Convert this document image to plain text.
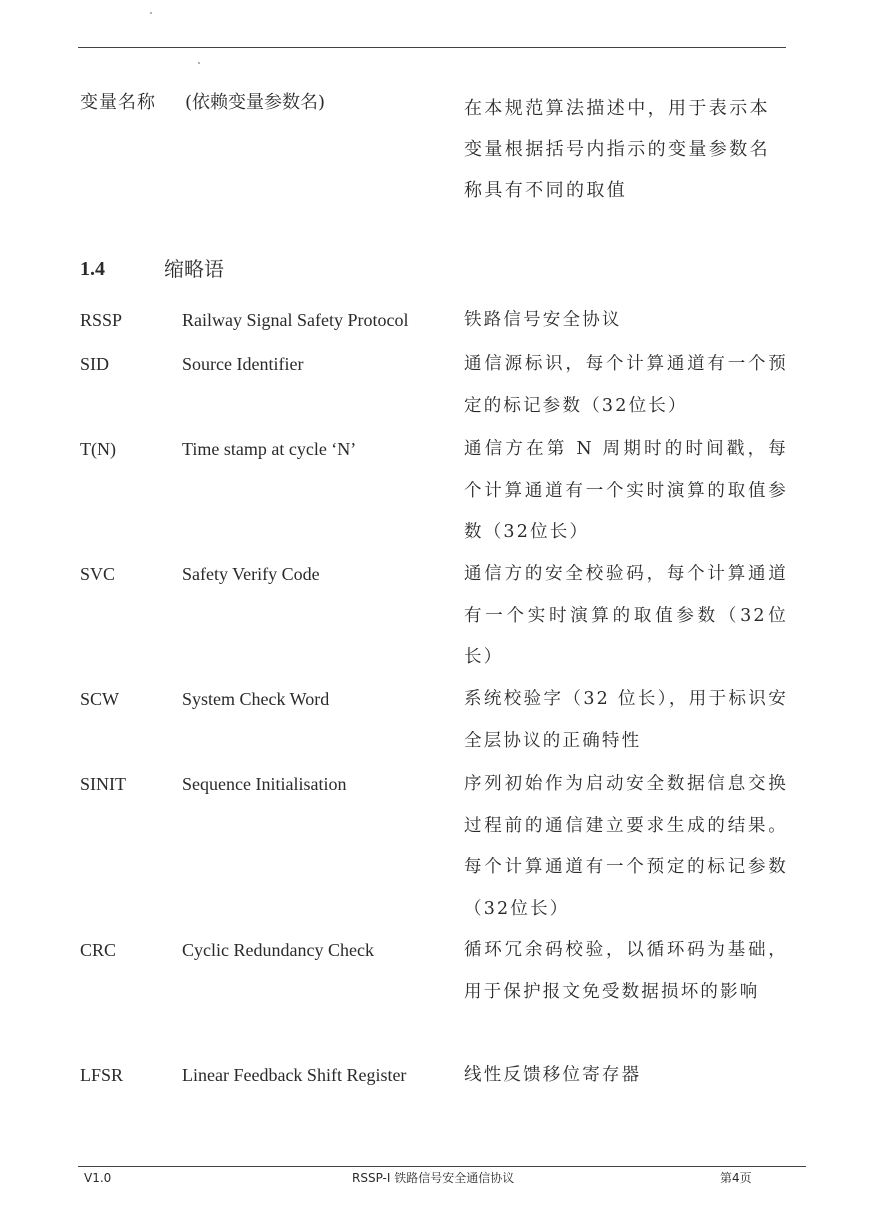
变量名称 (依赖变量参数名)	在本规范算法描述中，用于表示本变量根据括号内指示的变量参数名称具有不同的取值
1.4	缩略语
RSSP	Railway Signal Safety Protocol	铁路信号安全协议
SID	Source Identifier	通信源标识，每个计算通道有一个预定的标记参数（32位长）
T(N)	Time stamp at cycle ‘N’	通信方在第 N 周期时的时间戳，每个计算通道有一个实时演算的取值参数（32位长）
SVC	Safety Verify Code	通信方的安全校验码，每个计算通道有一个实时演算的取值参数（32位长）
SCW	System Check Word	系统校验字（32 位长），用于标识安全层协议的正确特性
SINIT	Sequence Initialisation	序列初始作为启动安全数据信息交换过程前的通信建立要求生成的结果。每个计算通道有一个预定的标记参数（32位长）
CRC	Cyclic Redundancy Check	循环冗余码校验，以循环码为基础，用于保护报文免受数据损坏的影响
LFSR	Linear Feedback Shift Register	线性反馈移位寄存器
V1.0	RSSP-I 铁路信号安全通信协议	第4页
